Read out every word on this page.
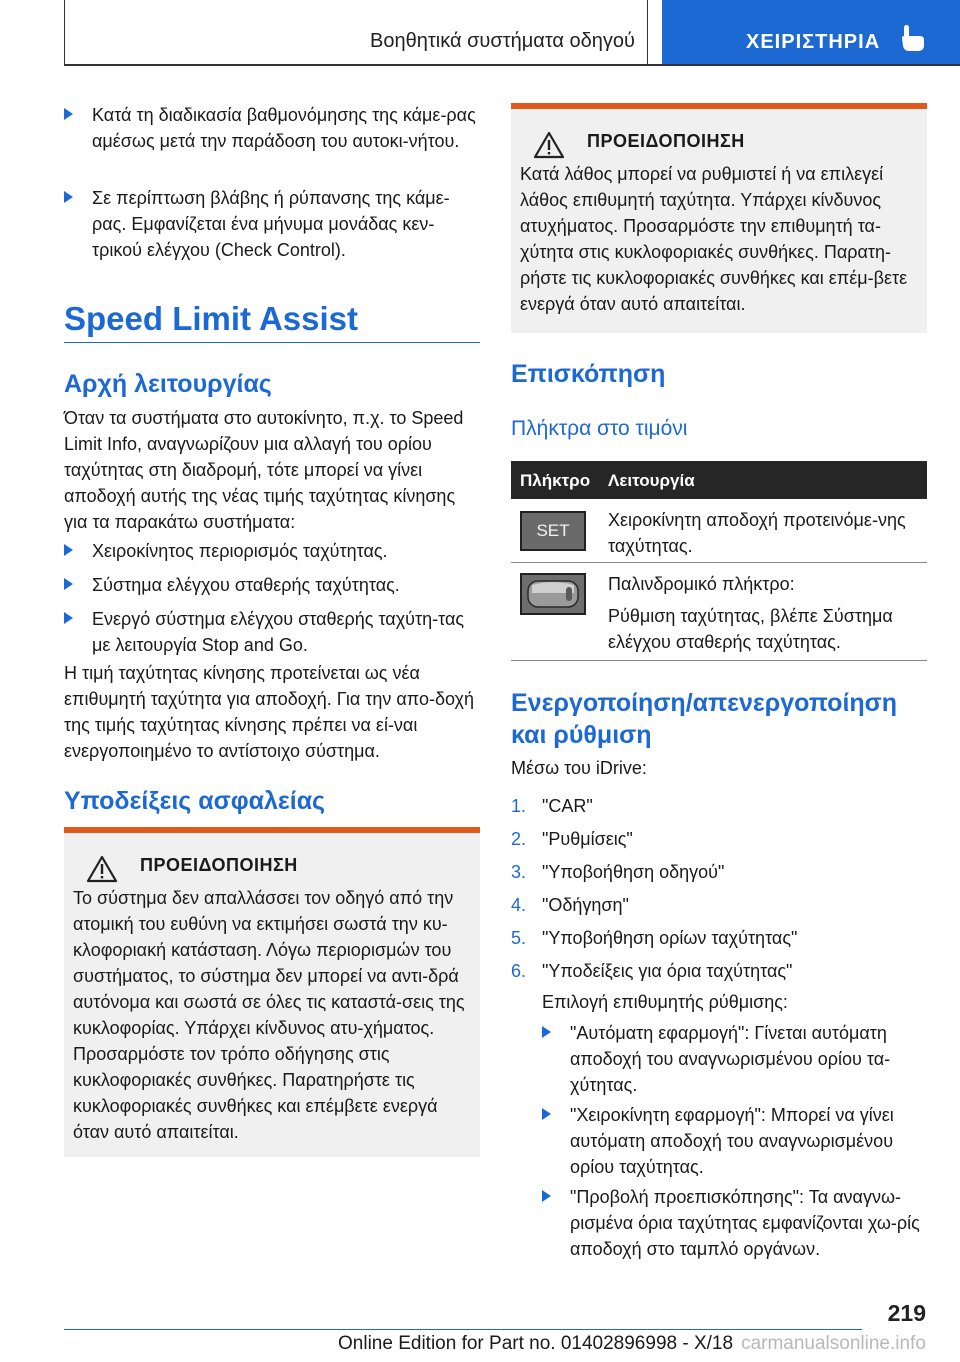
Βοηθητικά συστήματα οδηγού	ΧΕΙΡΙΣΤΗΡΙΑ
Κατά τη διαδικασία βαθμονόμησης της κάμε-ρας αμέσως μετά την παράδοση του αυτοκι-νήτου.
Σε περίπτωση βλάβης ή ρύπανσης της κάμε-ρας. Εμφανίζεται ένα μήνυμα μονάδας κεν-τρικού ελέγχου (Check Control).
Speed Limit Assist
Αρχή λειτουργίας
Όταν τα συστήματα στο αυτοκίνητο, π.χ. το Speed Limit Info, αναγνωρίζουν μια αλλαγή του ορίου ταχύτητας στη διαδρομή, τότε μπορεί να γίνει αποδοχή αυτής της νέας τιμής ταχύτητας κίνησης για τα παρακάτω συστήματα:
Χειροκίνητος περιορισμός ταχύτητας.
Σύστημα ελέγχου σταθερής ταχύτητας.
Ενεργό σύστημα ελέγχου σταθερής ταχύτη-τας με λειτουργία Stop and Go.
Η τιμή ταχύτητας κίνησης προτείνεται ως νέα επιθυμητή ταχύτητα για αποδοχή. Για την απο-δοχή της τιμής ταχύτητας κίνησης πρέπει να εί-ναι ενεργοποιημένο το αντίστοιχο σύστημα.
Υποδείξεις ασφαλείας
ΠΡΟΕΙΔΟΠΟΙΗΣΗ
Το σύστημα δεν απαλλάσσει τον οδηγό από την ατομική του ευθύνη να εκτιμήσει σωστά την κυ-κλοφοριακή κατάσταση. Λόγω περιορισμών του συστήματος, το σύστημα δεν μπορεί να αντι-δρά αυτόνομα και σωστά σε όλες τις καταστά-σεις της κυκλοφορίας. Υπάρχει κίνδυνος ατυ-χήματος. Προσαρμόστε τον τρόπο οδήγησης στις κυκλοφοριακές συνθήκες. Παρατηρήστε τις κυκλοφοριακές συνθήκες και επέμβετε ενεργά όταν αυτό απαιτείται.
ΠΡΟΕΙΔΟΠΟΙΗΣΗ
Κατά λάθος μπορεί να ρυθμιστεί ή να επιλεγεί λάθος επιθυμητή ταχύτητα. Υπάρχει κίνδυνος ατυχήματος. Προσαρμόστε την επιθυμητή τα-χύτητα στις κυκλοφοριακές συνθήκες. Παρατη-ρήστε τις κυκλοφοριακές συνθήκες και επέμ-βετε ενεργά όταν αυτό απαιτείται.
Επισκόπηση
Πλήκτρα στο τιμόνι
Πλήκτρο Λειτουργία
SET
Χειροκίνητη αποδοχή προτεινόμε-νης ταχύτητας.
Παλινδρομικό πλήκτρο:
Ρύθμιση ταχύτητας, βλέπε Σύστημα ελέγχου σταθερής ταχύτητας.
Ενεργοποίηση/απενεργοποίηση και ρύθμιση
Μέσω του iDrive:
1. "CAR"
2. "Ρυθμίσεις"
3. "Υποβοήθηση οδηγού"
4. "Οδήγηση"
5. "Υποβοήθηση ορίων ταχύτητας"
6. "Υποδείξεις για όρια ταχύτητας"
Επιλογή επιθυμητής ρύθμισης:
"Αυτόματη εφαρμογή": Γίνεται αυτόματη αποδοχή του αναγνωρισμένου ορίου τα-χύτητας.
"Χειροκίνητη εφαρμογή": Μπορεί να γίνει αυτόματη αποδοχή του αναγνωρισμένου ορίου ταχύτητας.
"Προβολή προεπισκόπησης": Τα αναγνω-ρισμένα όρια ταχύτητας εμφανίζονται χω-ρίς αποδοχή στο ταμπλό οργάνων.
219
Online Edition for Part no. 01402896998 - X/18 carmanualsonline.info
